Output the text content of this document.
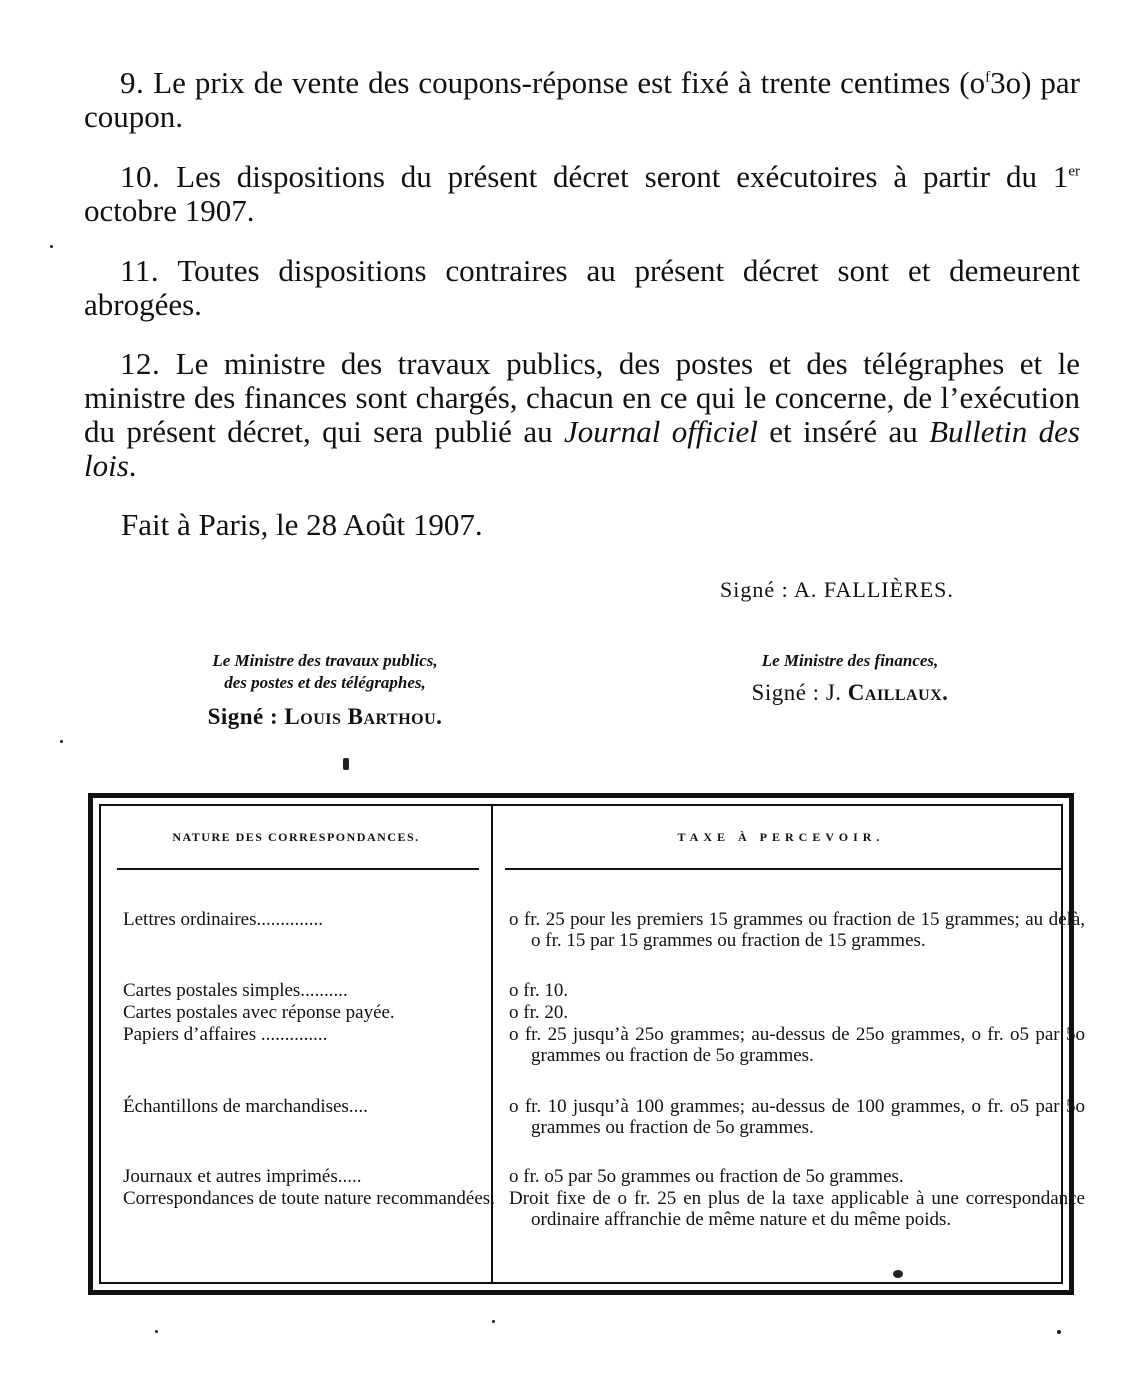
9. Le prix de vente des coupons-réponse est fixé à trente centimes $(o^f3o)$ par coupon.

10. Les dispositions du présent décret seront exécutoires à partir du 1er octobre 1907.

11. Toutes dispositions contraires au présent décret sont et demeurent abrogées.

12. Le ministre des travaux publics, des postes et des télégraphes et le ministre des finances sont chargés, chacun en ce qui le concerne, de l’exécution du présent décret, qui sera publié au Journal officiel et inséré au Bulletin des lois.

Fait à Paris, le 28 Août 1907.

Signé : A. FALLIÈRES.
Le Ministre des travaux publics,
des postes et des télégraphes,
Signé : Louis Barthou.
Le Ministre des finances,
Signé : J. Caillaux.
NATURE DES CORRESPONDANCES.	TAXE À PERCEVOIR.
Lettres ordinaires..............	o fr. 25 pour les premiers 15 grammes ou fraction de 15 grammes; au delà, o fr. 15 par 15 grammes ou fraction de 15 grammes.
Cartes postales simples..........	o fr. 10.
Cartes postales avec réponse payée.	o fr. 20.
Papiers d’affaires ..............	o fr. 25 jusqu’à 25o grammes; au-dessus de 25o grammes, o fr. o5 par 5o grammes ou fraction de 5o grammes.
Échantillons de marchandises....	o fr. 10 jusqu’à 100 grammes; au-dessus de 100 grammes, o fr. o5 par 5o grammes ou fraction de 5o grammes.
Journaux et autres imprimés.....	o fr. o5 par 5o grammes ou fraction de 5o grammes.
Correspondances de toute nature recommandées. Droit fixe de o fr. 25 en plus de la taxe applicable à une correspondance ordinaire affranchie de même nature et du même poids.
